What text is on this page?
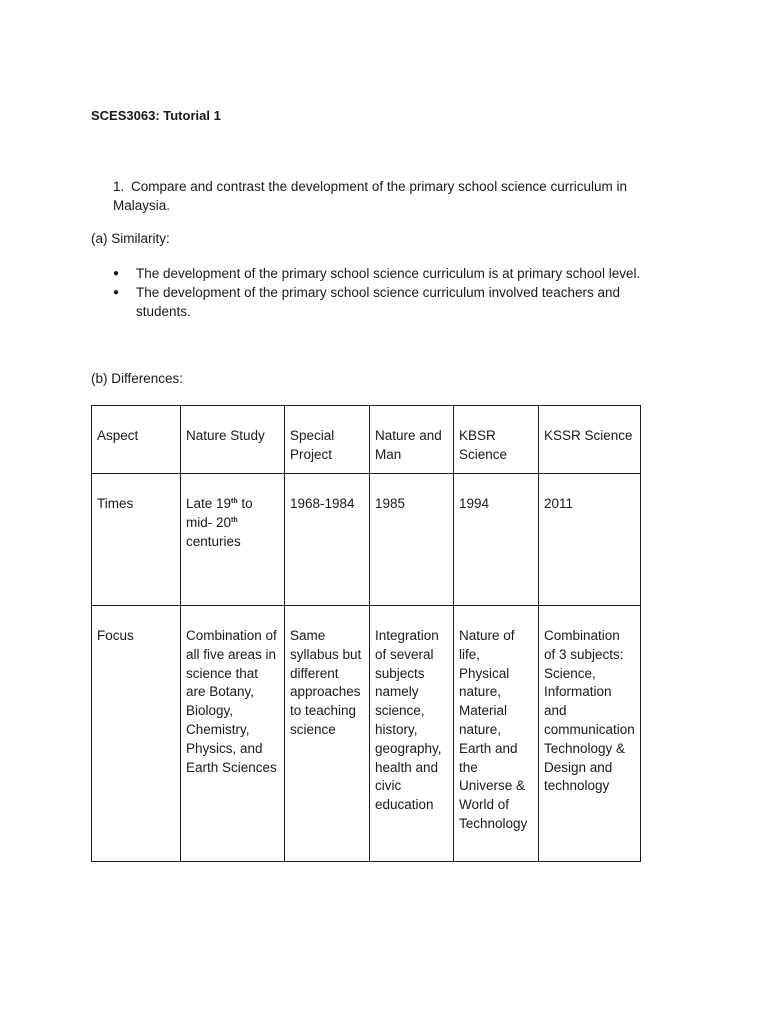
SCES3063: Tutorial 1
1. Compare and contrast the development of the primary school science curriculum in Malaysia.
(a) Similarity:
● The development of the primary school science curriculum is at primary school level.
● The development of the primary school science curriculum involved teachers and students.
(b) Differences:
Aspect	Nature Study	Special Project	Nature and Man	KBSR Science	KSSR Science
Times	Late 19th to mid- 20th centuries	1968-1984	1985	1994	2011
Focus	Combination of all five areas in science that are Botany, Biology, Chemistry, Physics, and Earth Sciences	Same syllabus but different approaches to teaching science	Integration of several subjects namely science, history, geography, health and civic education	Nature of life, Physical nature, Material nature, Earth and the Universe & World of Technology	Combination of 3 subjects: Science, Information and communication Technology & Design and technology
